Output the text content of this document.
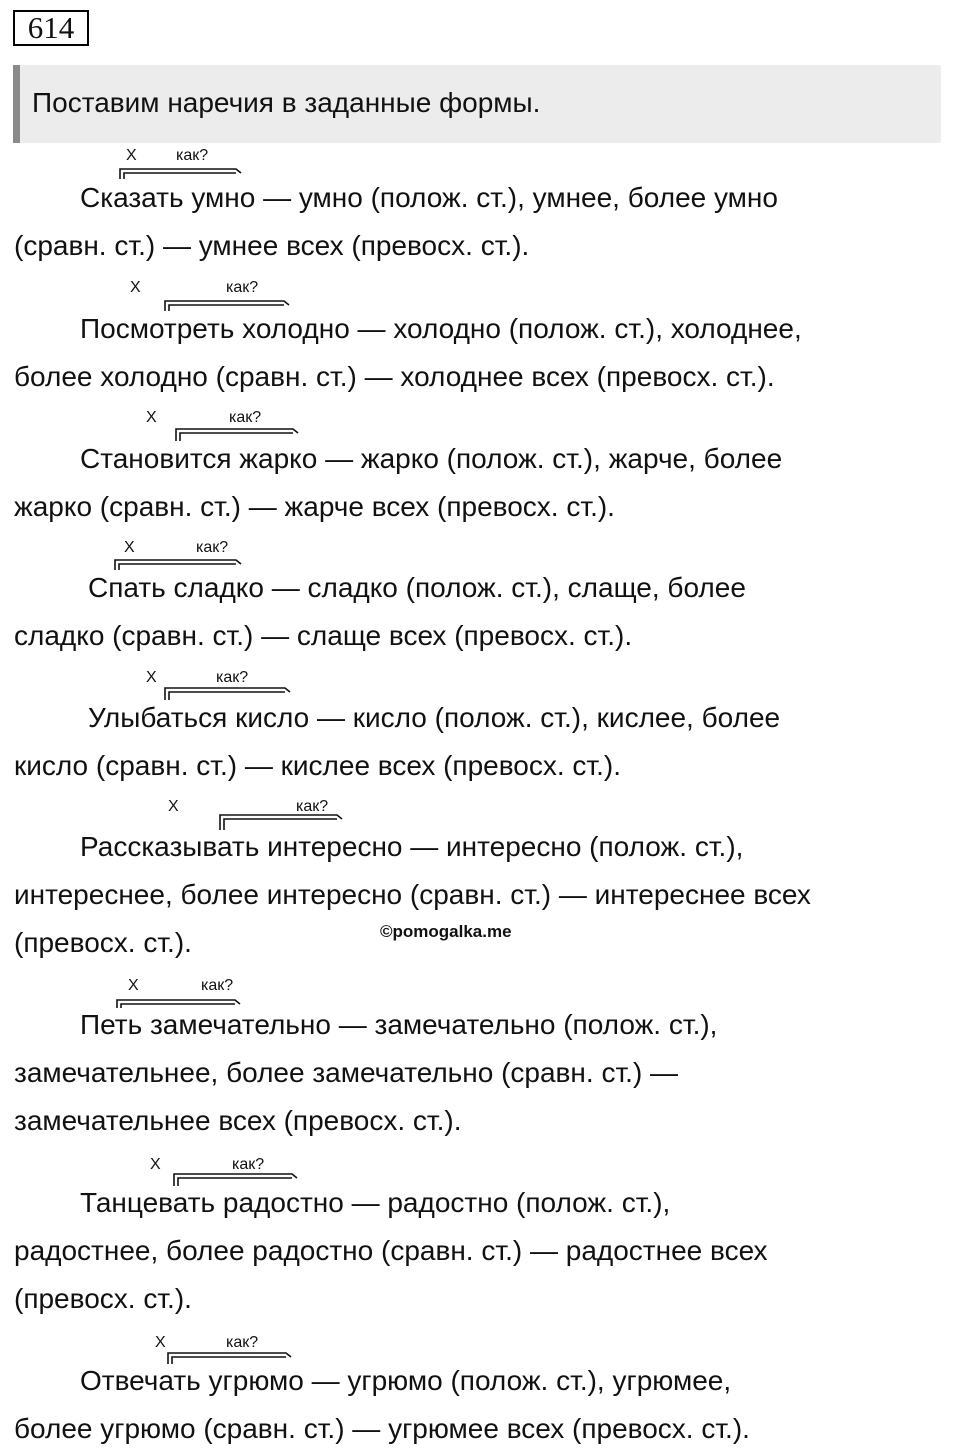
614
Поставим наречия в заданные формы.
X как?
Сказать умно — умно (полож. ст.), умнее, более умно
(сравн. ст.) — умнее всех (превосх. ст.).
X	как?
Посмотреть холодно — холодно (полож. ст.), холоднее,
более холодно (сравн. ст.) — холоднее всех (превосх. ст.).
X	как?
Становится жарко — жарко (полож. ст.), жарче, более
жарко (сравн. ст.) — жарче всех (превосх. ст.).
X	как?
Спать сладко — сладко (полож. ст.), слаще, более
сладко (сравн. ст.) — слаще всех (превосх. ст.).
X	как?
Улыбаться кисло — кисло (полож. ст.), кислее, более
кисло (сравн. ст.) — кислее всех (превосх. ст.).
X	как?
Рассказывать интересно — интересно (полож. ст.),
интереснее, более интересно (сравн. ст.) — интереснее всех
(превосх. ст.).	©pomogalka.me
X	как?
Петь замечательно — замечательно (полож. ст.),
замечательнее, более замечательно (сравн. ст.) —
замечательнее всех (превосх. ст.).
X	как?
Танцевать радостно — радостно (полож. ст.),
радостнее, более радостно (сравн. ст.) — радостнее всех
(превосх. ст.).
X	как?
Отвечать угрюмо — угрюмо (полож. ст.), угрюмее,
более угрюмо (сравн. ст.) — угрюмее всех (превосх. ст.).
